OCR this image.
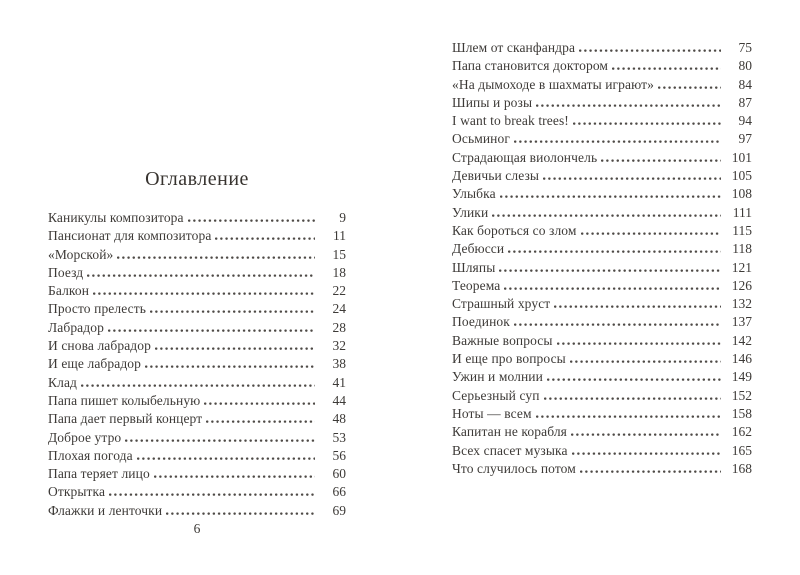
Оглавление
Каникулы композитора	9
Пансионат для композитора	11
«Морской»	15
Поезд	18
Балкон	22
Просто прелесть	24
Лабрадор	28
И снова лабрадор	32
И еще лабрадор	38
Клад	41
Папа пишет колыбельную	44
Папа дает первый концерт	48
Доброе утро	53
Плохая погода	56
Папа теряет лицо	60
Открытка	66
Флажки и ленточки	69
Шлем от сканфандра	75
Папа становится доктором	80
«На дымоходе в шахматы играют»	84
Шипы и розы	87
I want to break trees!	94
Осьминог	97
Страдающая виолончель	101
Девичьи слезы	105
Улыбка	108
Улики	111
Как бороться со злом	115
Дебюсси	118
Шляпы	121
Теорема	126
Страшный хруст	132
Поединок	137
Важные вопросы	142
И еще про вопросы	146
Ужин и молнии	149
Серьезный суп	152
Ноты — всем	158
Капитан не корабля	162
Всех спасет музыка	165
Что случилось потом	168
6
